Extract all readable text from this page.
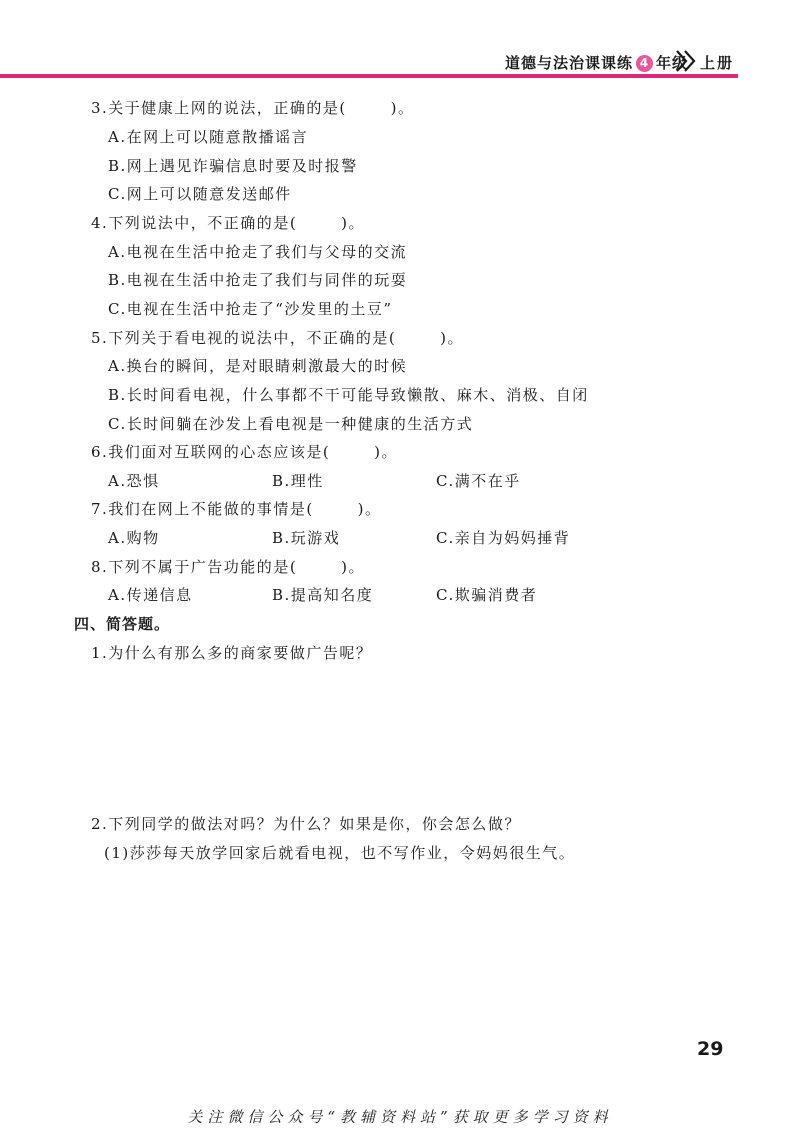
道德与法治课课练 4 年级 上册
3.关于健康上网的说法，正确的是(	)。
A.在网上可以随意散播谣言
B.网上遇见诈骗信息时要及时报警
C.网上可以随意发送邮件
4.下列说法中，不正确的是(	)。
A.电视在生活中抢走了我们与父母的交流
B.电视在生活中抢走了我们与同伴的玩耍
C.电视在生活中抢走了“沙发里的土豆”
5.下列关于看电视的说法中，不正确的是(	)。
A.换台的瞬间，是对眼睛刺激最大的时候
B.长时间看电视，什么事都不干可能导致懒散、麻木、消极、自闭
C.长时间躺在沙发上看电视是一种健康的生活方式
6.我们面对互联网的心态应该是(	)。
A.恐惧	B.理性	C.满不在乎
7.我们在网上不能做的事情是(	)。
A.购物	B.玩游戏	C.亲自为妈妈捶背
8.下列不属于广告功能的是(	)。
A.传递信息	B.提高知名度	C.欺骗消费者
四、简答题。
1.为什么有那么多的商家要做广告呢？
2.下列同学的做法对吗？为什么？如果是你，你会怎么做？
(1)莎莎每天放学回家后就看电视，也不写作业，令妈妈很生气。
29
关注微信公众号“教辅资料站”获取更多学习资料
